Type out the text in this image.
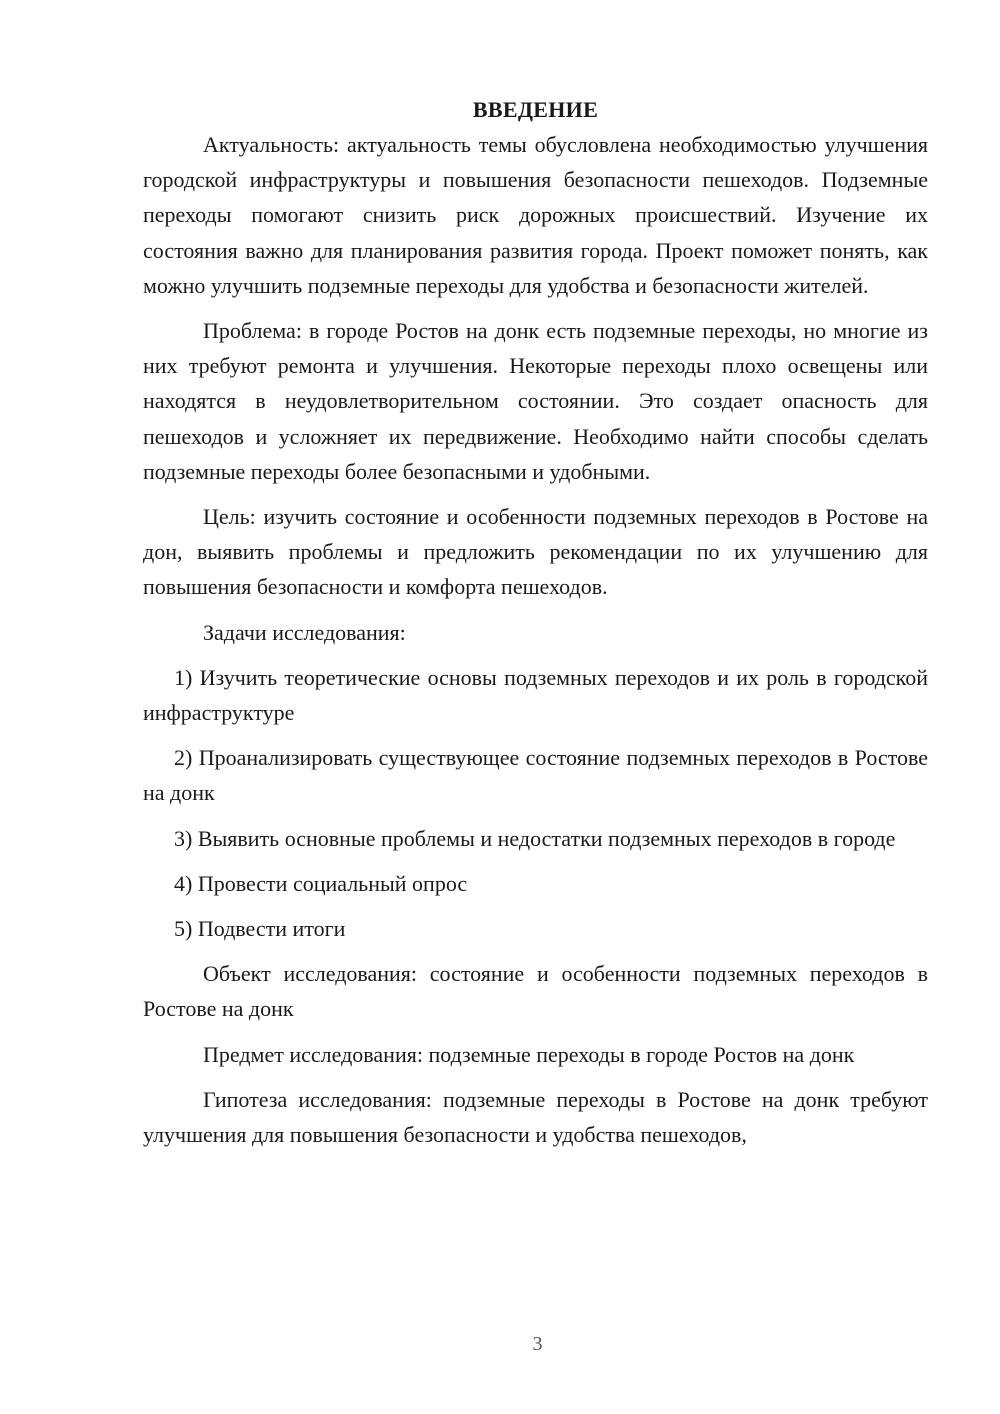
ВВЕДЕНИЕ

Актуальность: актуальность темы обусловлена необходимостью улучшения городской инфраструктуры и повышения безопасности пешеходов. Подземные переходы помогают снизить риск дорожных происшествий. Изучение их состояния важно для планирования развития города. Проект поможет понять, как можно улучшить подземные переходы для удобства и безопасности жителей.

Проблема: в городе Ростов на донк есть подземные переходы, но многие из них требуют ремонта и улучшения. Некоторые переходы плохо освещены или находятся в неудовлетворительном состоянии. Это создает опасность для пешеходов и усложняет их передвижение. Необходимо найти способы сделать подземные переходы более безопасными и удобными.

Цель: изучить состояние и особенности подземных переходов в Ростове на дон, выявить проблемы и предложить рекомендации по их улучшению для повышения безопасности и комфорта пешеходов.

Задачи исследования:

1) Изучить теоретические основы подземных переходов и их роль в городской инфраструктуре

2) Проанализировать существующее состояние подземных переходов в Ростове на донк

3) Выявить основные проблемы и недостатки подземных переходов в городе

4) Провести социальный опрос

5) Подвести итоги

Объект исследования: состояние и особенности подземных переходов в Ростове на донк

Предмет исследования: подземные переходы в городе Ростов на донк

Гипотеза исследования: подземные переходы в Ростове на донк требуют улучшения для повышения безопасности и удобства пешеходов,

3
